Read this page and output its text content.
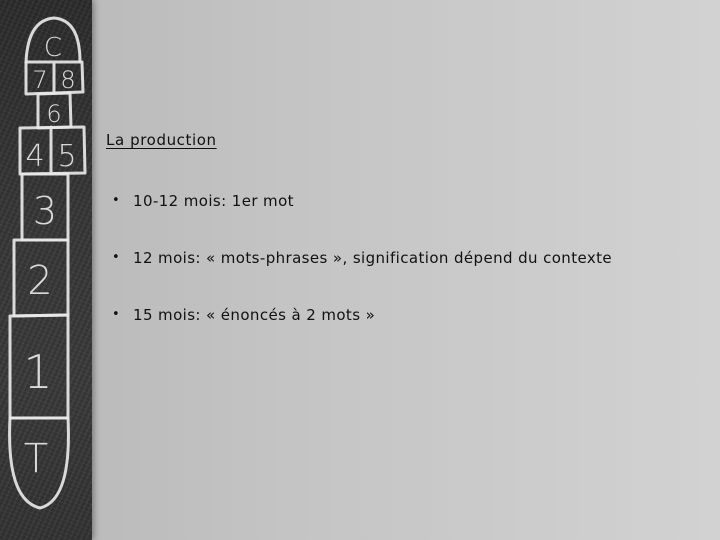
C
7 8
6
4 5
3
2
1
T
La production
• 10-12 mois: 1er mot
• 12 mois: « mots-phrases », signification dépend du contexte
• 15 mois: « énoncés à 2 mots »
